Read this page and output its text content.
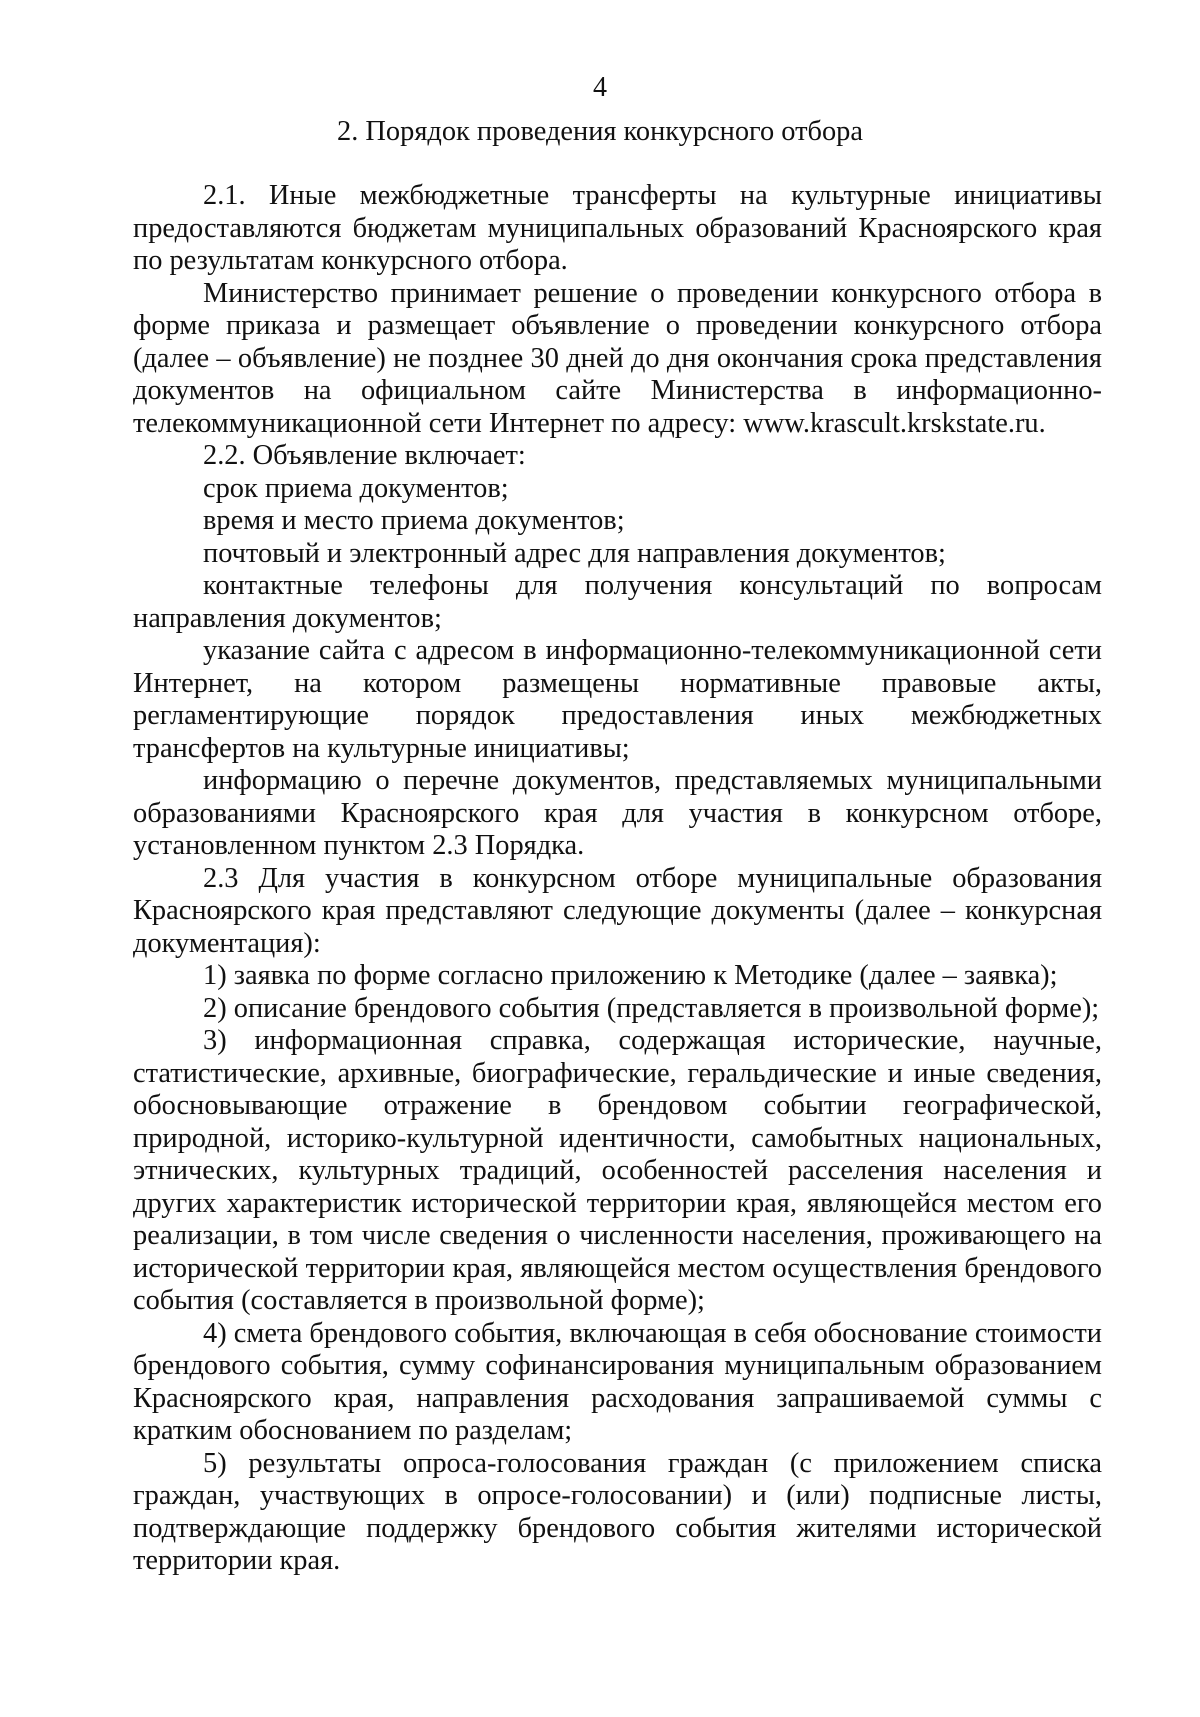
4
2. Порядок проведения конкурсного отбора

2.1. Иные межбюджетные трансферты на культурные инициативы предоставляются бюджетам муниципальных образований Красноярского края по результатам конкурсного отбора.

Министерство принимает решение о проведении конкурсного отбора в форме приказа и размещает объявление о проведении конкурсного отбора (далее – объявление) не позднее 30 дней до дня окончания срока представления документов на официальном сайте Министерства в информационно-телекоммуникационной сети Интернет по адресу: www.krascult.krskstate.ru.

2.2. Объявление включает:

срок приема документов;

время и место приема документов;

почтовый и электронный адрес для направления документов;

контактные телефоны для получения консультаций по вопросам направления документов;

указание сайта с адресом в информационно-телекоммуникационной сети Интернет, на котором размещены нормативные правовые акты, регламентирующие порядок предоставления иных межбюджетных трансфертов на культурные инициативы;

информацию о перечне документов, представляемых муниципальными образованиями Красноярского края для участия в конкурсном отборе, установленном пунктом 2.3 Порядка.

2.3 Для участия в конкурсном отборе муниципальные образования Красноярского края представляют следующие документы (далее – конкурсная документация):

1) заявка по форме согласно приложению к Методике (далее – заявка);

2) описание брендового события (представляется в произвольной форме);

3) информационная справка, содержащая исторические, научные, статистические, архивные, биографические, геральдические и иные сведения, обосновывающие отражение в брендовом событии географической, природной, историко-культурной идентичности, самобытных национальных, этнических, культурных традиций, особенностей расселения населения и других характеристик исторической территории края, являющейся местом его реализации, в том числе сведения о численности населения, проживающего на исторической территории края, являющейся местом осуществления брендового события (составляется в произвольной форме);

4) смета брендового события, включающая в себя обоснование стоимости брендового события, сумму софинансирования муниципальным образованием Красноярского края, направления расходования запрашиваемой суммы с кратким обоснованием по разделам;

5) результаты опроса-голосования граждан (с приложением списка граждан, участвующих в опросе-голосовании) и (или) подписные листы, подтверждающие поддержку брендового события жителями исторической территории края.
